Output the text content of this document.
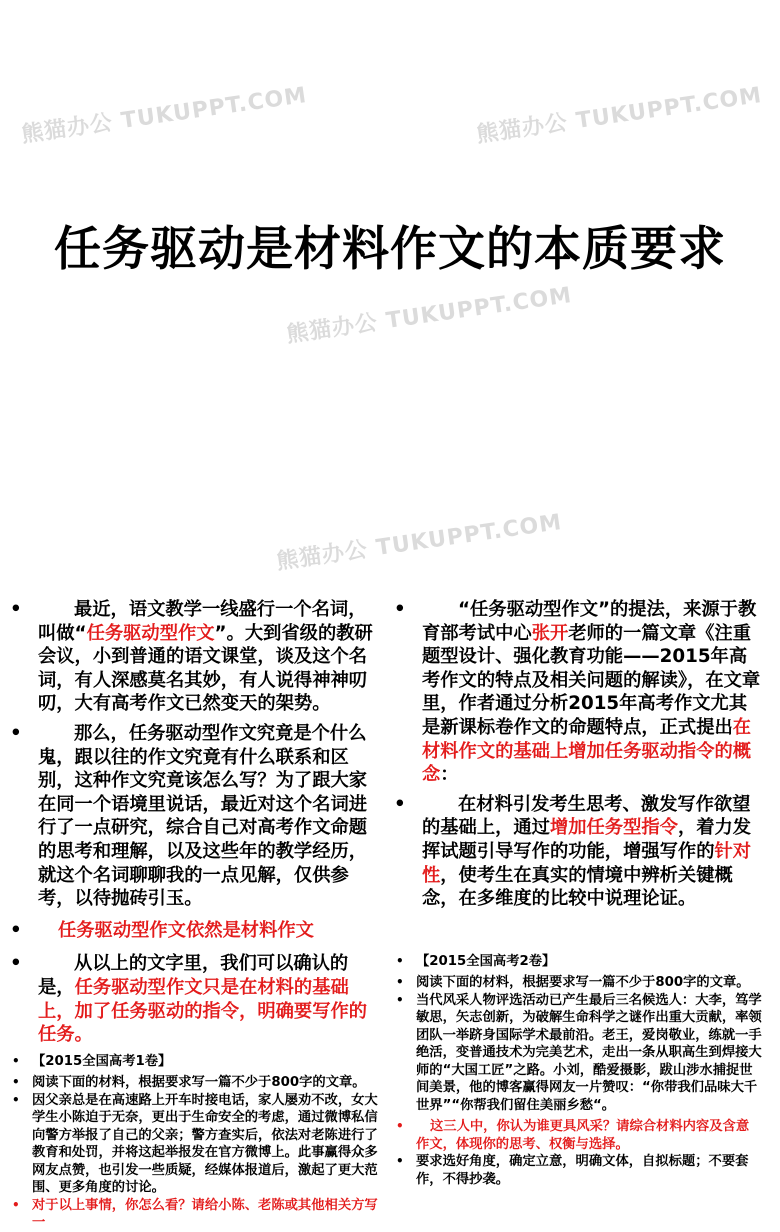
熊猫办公 TUKUPPT.COM	熊猫办公 TUKUPPT.COM
熊猫办公 TUKUPPT.COM
熊猫办公 TUKUPPT.COM
任务驱动是材料作文的本质要求
•	最近，语文教学一线盛行一个名词，叫做“任务驱动型作文”。大到省级的教研会议，小到普通的语文课堂，谈及这个名词，有人深感莫名其妙，有人说得神神叨叨，大有高考作文已然变天的架势。
•	那么，任务驱动型作文究竟是个什么鬼，跟以往的作文究竟有什么联系和区别，这种作文究竟该怎么写？为了跟大家在同一个语境里说话，最近对这个名词进行了一点研究，综合自己对高考作文命题的思考和理解，以及这些年的教学经历，就这个名词聊聊我的一点见解，仅供参考，以待抛砖引玉。
• 任务驱动型作文依然是材料作文
•	从以上的文字里，我们可以确认的是，任务驱动型作文只是在材料的基础上，加了任务驱动的指令，明确要写作的任务。
• 【2015全国高考1卷】
• 阅读下面的材料，根据要求写一篇不少于800字的文章。
• 因父亲总是在高速路上开车时接电话，家人屡劝不改，女大学生小陈迫于无奈，更出于生命安全的考虑，通过微博私信向警方举报了自己的父亲；警方查实后，依法对老陈进行了教育和处罚，并将这起举报发在官方微博上。此事赢得众多网友点赞，也引发一些质疑，经媒体报道后，激起了更大范围、更多角度的讨论。
• 对于以上事情，你怎么看？请给小陈、老陈或其他相关方写一
•	“任务驱动型作文”的提法，来源于教育部考试中心张开老师的一篇文章《注重题型设计、强化教育功能——2015年高考作文的特点及相关问题的解读》，在文章里，作者通过分析2015年高考作文尤其是新课标卷作文的命题特点，正式提出在材料作文的基础上增加任务驱动指令的概念：
•	在材料引发考生思考、激发写作欲望的基础上，通过增加任务型指令，着力发挥试题引导写作的功能，增强写作的针对性，使考生在真实的情境中辨析关键概念，在多维度的比较中说理论证。
• 【2015全国高考2卷】
• 阅读下面的材料，根据要求写一篇不少于800字的文章。
• 当代风采人物评选活动已产生最后三名候选人：大李，笃学敏思，矢志创新，为破解生命科学之谜作出重大贡献，率领团队一举跻身国际学术最前沿。老王，爱岗敬业，练就一手绝活，变普通技术为完美艺术，走出一条从职高生到焊接大师的“大国工匠”之路。小刘，酷爱摄影，跋山涉水捕捉世间美景，他的博客赢得网友一片赞叹：“你带我们品味大千世界”“你帮我们留住美丽乡愁“。
• 这三人中，你认为谁更具风采？请综合材料内容及含意作文，体现你的思考、权衡与选择。
• 要求选好角度，确定立意，明确文体，自拟标题；不要套作，不得抄袭。
